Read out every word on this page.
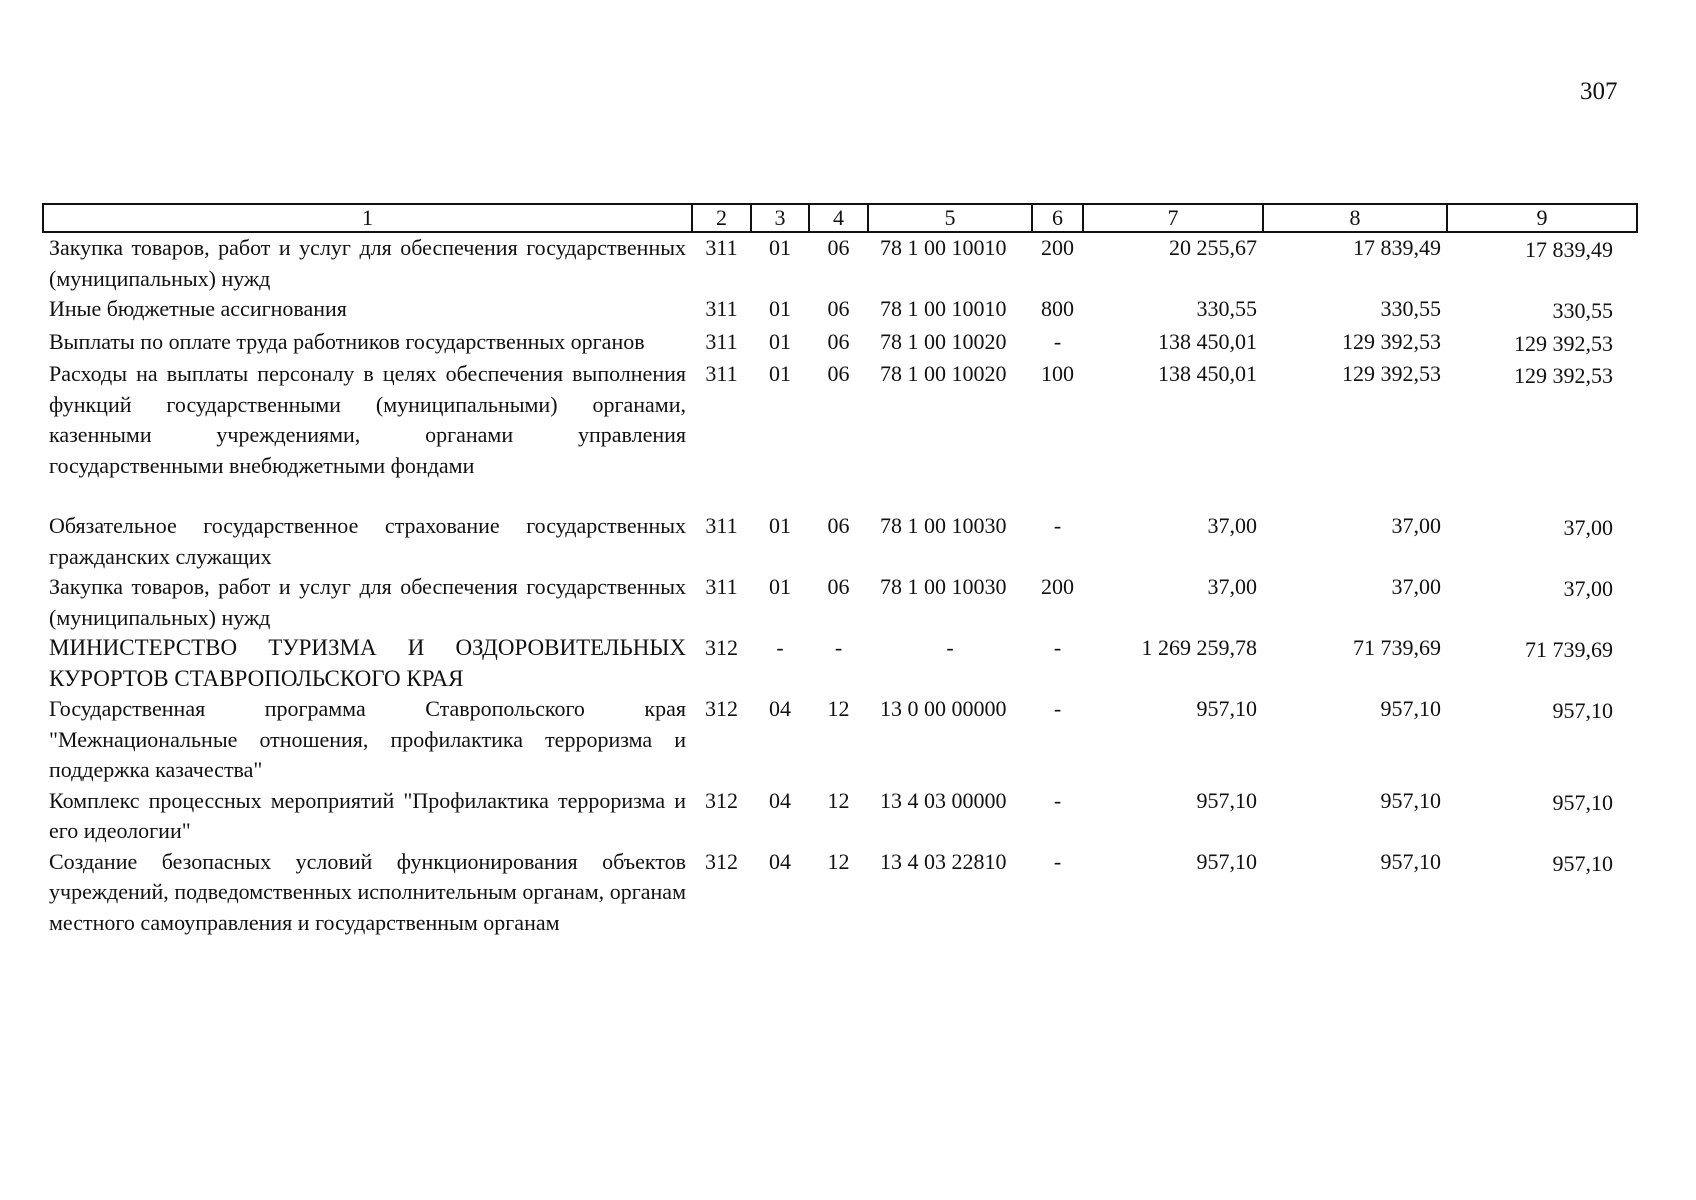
307
1	2	3	4	5	6	7	8	9
Закупка товаров, работ и услуг для обеспечения государственных (муниципальных) нужд	311	01	06	78 1 00 10010	200	20 255,67	17 839,49	17 839,49
Иные бюджетные ассигнования	311	01	06	78 1 00 10010	800	330,55	330,55	330,55
Выплаты по оплате труда работников государственных органов	311	01	06	78 1 00 10020	-	138 450,01	129 392,53	129 392,53
Расходы на выплаты персоналу в целях обеспечения выполнения функций государственными (муниципальными) органами, казенными учреждениями, органами управления государственными внебюджетными фондами	311	01	06	78 1 00 10020	100	138 450,01	129 392,53	129 392,53
Обязательное государственное страхование государственных гражданских служащих	311	01	06	78 1 00 10030	-	37,00	37,00	37,00
Закупка товаров, работ и услуг для обеспечения государственных (муниципальных) нужд	311	01	06	78 1 00 10030	200	37,00	37,00	37,00
МИНИСТЕРСТВО ТУРИЗМА И ОЗДОРОВИТЕЛЬНЫХ КУРОРТОВ СТАВРОПОЛЬСКОГО КРАЯ	312	-	-	-	-	1 269 259,78	71 739,69	71 739,69
Государственная программа Ставропольского края "Межнациональные отношения, профилактика терроризма и поддержка казачества"	312	04	12	13 0 00 00000	-	957,10	957,10	957,10
Комплекс процессных мероприятий "Профилактика терроризма и его идеологии"	312	04	12	13 4 03 00000	-	957,10	957,10	957,10
Создание безопасных условий функционирования объектов учреждений, подведомственных исполнительным органам, органам местного самоуправления и государственным органам	312	04	12	13 4 03 22810	-	957,10	957,10	957,10
